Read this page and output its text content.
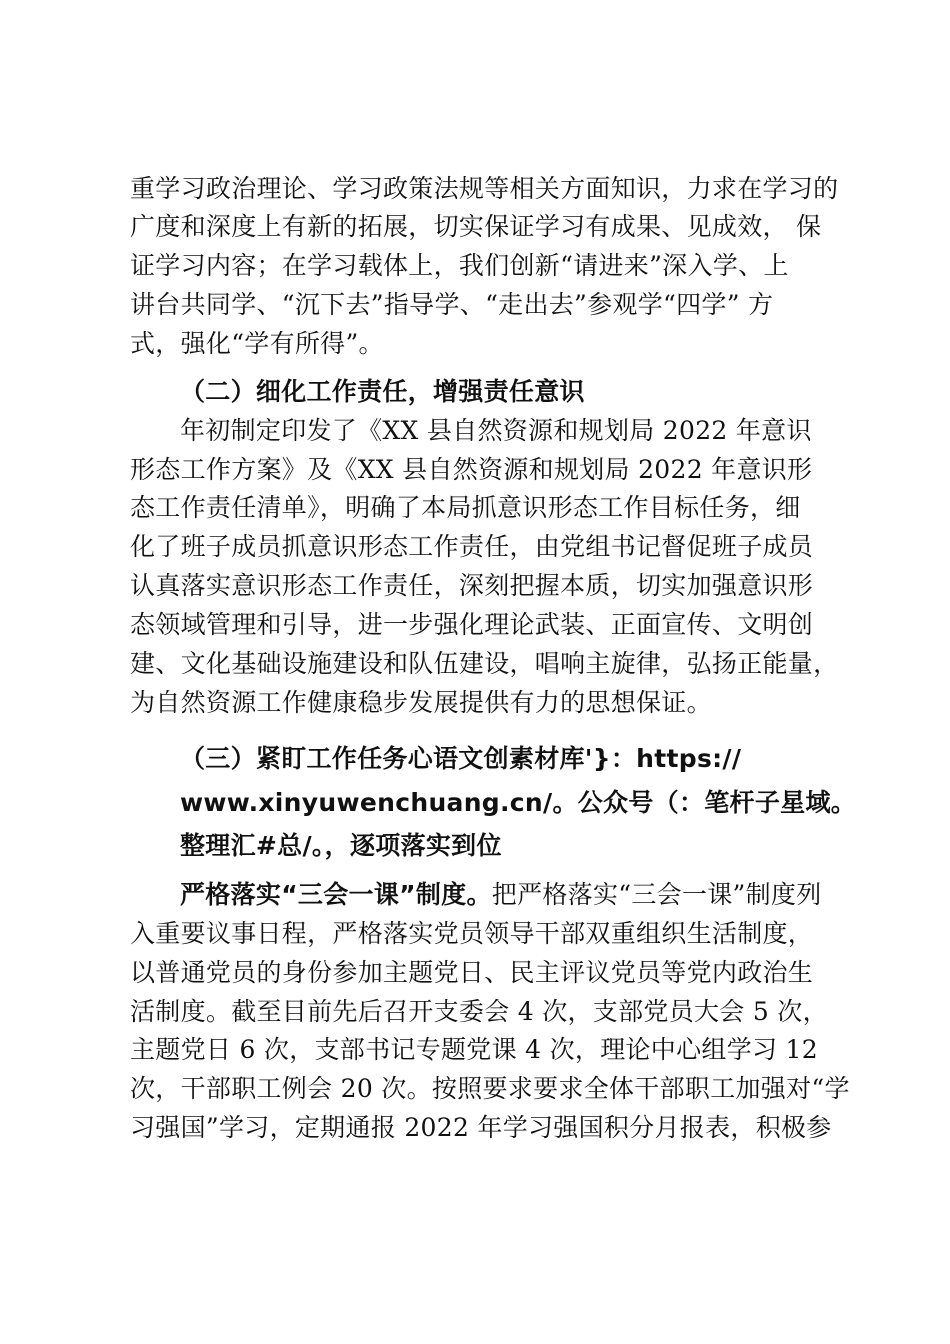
重学习政治理论、学习政策法规等相关方面知识，力求在学习的
广度和深度上有新的拓展，切实保证学习有成果、见成效， 保
证学习内容；在学习载体上，我们创新“请进来”深入学、上
讲台共同学、“沉下去”指导学、“走出去”参观学“四学” 方
式，强化“学有所得”。
（二）细化工作责任，增强责任意识
年初制定印发了《XX 县自然资源和规划局 2022 年意识
形态工作方案》及《XX 县自然资源和规划局 2022 年意识形
态工作责任清单》，明确了本局抓意识形态工作目标任务，细
化了班子成员抓意识形态工作责任，由党组书记督促班子成员
认真落实意识形态工作责任，深刻把握本质，切实加强意识形
态领域管理和引导，进一步强化理论武装、正面宣传、文明创
建、文化基础设施建设和队伍建设，唱响主旋律，弘扬正能量，
为自然资源工作健康稳步发展提供有力的思想保证。
（三）紧盯工作任务心语文创素材库'}：https://
www.xinyuwenchuang.cn/。公众号（：笔杆子星域。
整理汇#总/。，逐项落实到位
严格落实“三会一课”制度。把严格落实“三会一课”制度列
入重要议事日程，严格落实党员领导干部双重组织生活制度，
以普通党员的身份参加主题党日、民主评议党员等党内政治生
活制度。截至目前先后召开支委会 4 次，支部党员大会 5 次，
主题党日 6 次，支部书记专题党课 4 次，理论中心组学习 12
次，干部职工例会 20 次。按照要求要求全体干部职工加强对“学
习强国”学习，定期通报 2022 年学习强国积分月报表，积极参
